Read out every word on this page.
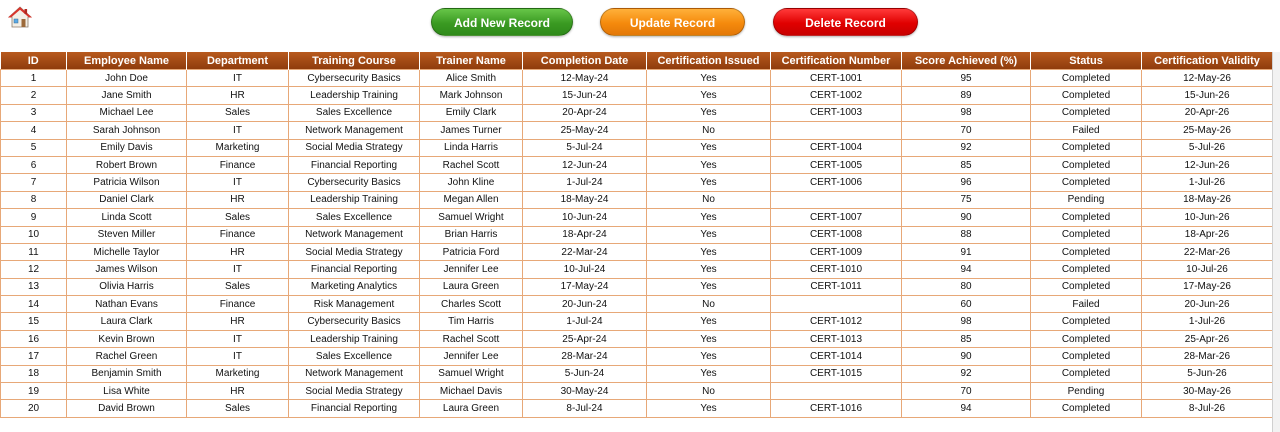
Add New Record	Update Record	Delete Record
ID	Employee Name	Department	Training Course	Trainer Name	Completion Date	Certification Issued	Certification Number	Score Achieved (%)	Status	Certification Validity
1	John Doe	IT	Cybersecurity Basics	Alice Smith	12-May-24	Yes	CERT-1001	95	Completed	12-May-26
2	Jane Smith	HR	Leadership Training	Mark Johnson	15-Jun-24	Yes	CERT-1002	89	Completed	15-Jun-26
3	Michael Lee	Sales	Sales Excellence	Emily Clark	20-Apr-24	Yes	CERT-1003	98	Completed	20-Apr-26
4	Sarah Johnson	IT	Network Management	James Turner	25-May-24	No		70	Failed	25-May-26
5	Emily Davis	Marketing	Social Media Strategy	Linda Harris	5-Jul-24	Yes	CERT-1004	92	Completed	5-Jul-26
6	Robert Brown	Finance	Financial Reporting	Rachel Scott	12-Jun-24	Yes	CERT-1005	85	Completed	12-Jun-26
7	Patricia Wilson	IT	Cybersecurity Basics	John Kline	1-Jul-24	Yes	CERT-1006	96	Completed	1-Jul-26
8	Daniel Clark	HR	Leadership Training	Megan Allen	18-May-24	No		75	Pending	18-May-26
9	Linda Scott	Sales	Sales Excellence	Samuel Wright	10-Jun-24	Yes	CERT-1007	90	Completed	10-Jun-26
10	Steven Miller	Finance	Network Management	Brian Harris	18-Apr-24	Yes	CERT-1008	88	Completed	18-Apr-26
11	Michelle Taylor	HR	Social Media Strategy	Patricia Ford	22-Mar-24	Yes	CERT-1009	91	Completed	22-Mar-26
12	James Wilson	IT	Financial Reporting	Jennifer Lee	10-Jul-24	Yes	CERT-1010	94	Completed	10-Jul-26
13	Olivia Harris	Sales	Marketing Analytics	Laura Green	17-May-24	Yes	CERT-1011	80	Completed	17-May-26
14	Nathan Evans	Finance	Risk Management	Charles Scott	20-Jun-24	No		60	Failed	20-Jun-26
15	Laura Clark	HR	Cybersecurity Basics	Tim Harris	1-Jul-24	Yes	CERT-1012	98	Completed	1-Jul-26
16	Kevin Brown	IT	Leadership Training	Rachel Scott	25-Apr-24	Yes	CERT-1013	85	Completed	25-Apr-26
17	Rachel Green	IT	Sales Excellence	Jennifer Lee	28-Mar-24	Yes	CERT-1014	90	Completed	28-Mar-26
18	Benjamin Smith	Marketing	Network Management	Samuel Wright	5-Jun-24	Yes	CERT-1015	92	Completed	5-Jun-26
19	Lisa White	HR	Social Media Strategy	Michael Davis	30-May-24	No		70	Pending	30-May-26
20	David Brown	Sales	Financial Reporting	Laura Green	8-Jul-24	Yes	CERT-1016	94	Completed	8-Jul-26
